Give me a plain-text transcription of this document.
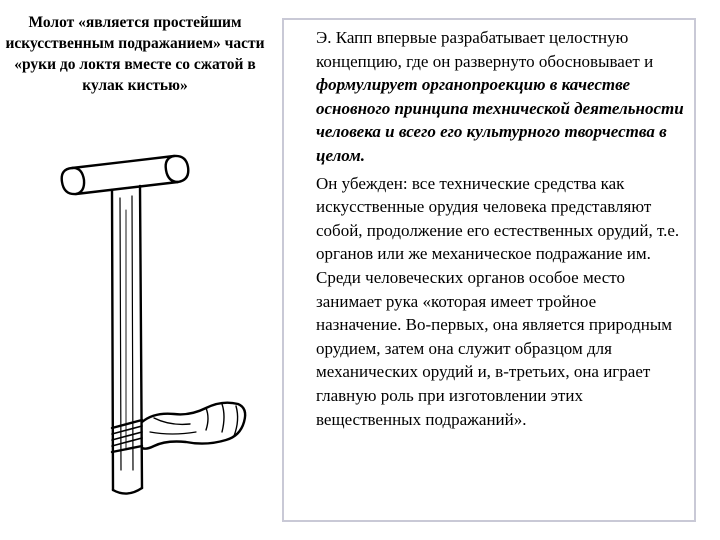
Молот «является простейшим искусственным подражанием» части «руки до локтя вместе со сжатой в кулак кистью»

Э. Капп впервые разрабатывает целостную концепцию, где он развернуто обосновывает и формулирует органопроекцию в качестве основного принципа технической деятельности человека и всего его культурного творчества в целом.

Он убежден: все технические средства как искусственные орудия человека представляют собой, продолжение его естественных орудий, т.е. органов или же механическое подражание им. Среди человеческих органов особое место занимает рука «которая имеет тройное назначение. Во-первых, она является природным орудием, затем она служит образцом для механических орудий и, в-третьих, она играет главную роль при изготовлении этих вещественных подражаний».
